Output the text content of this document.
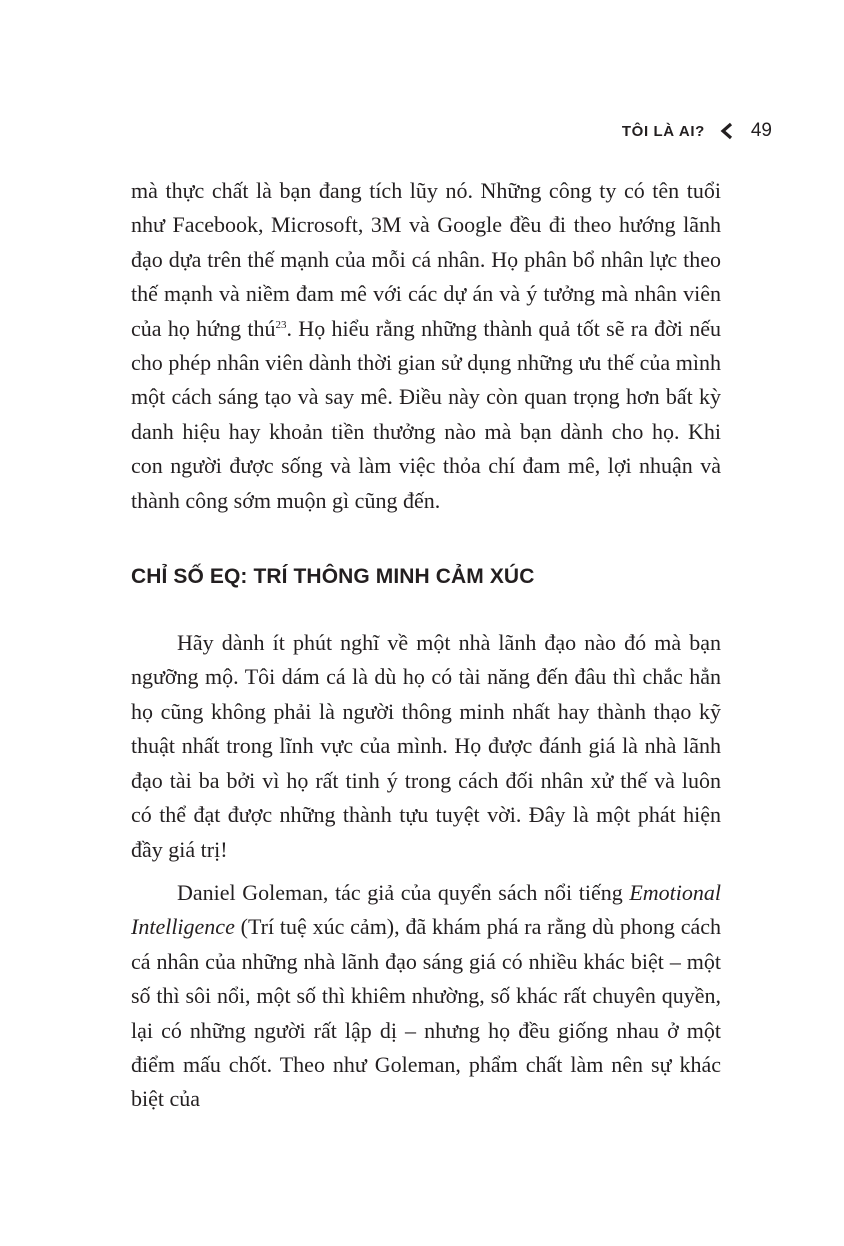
TÔI LÀ AI? 49

mà thực chất là bạn đang tích lũy nó. Những công ty có tên tuổi như Facebook, Microsoft, 3M và Google đều đi theo hướng lãnh đạo dựa trên thế mạnh của mỗi cá nhân. Họ phân bổ nhân lực theo thế mạnh và niềm đam mê với các dự án và ý tưởng mà nhân viên của họ hứng thú$^{23}$. Họ hiểu rằng những thành quả tốt sẽ ra đời nếu cho phép nhân viên dành thời gian sử dụng những ưu thế của mình một cách sáng tạo và say mê. Điều này còn quan trọng hơn bất kỳ danh hiệu hay khoản tiền thưởng nào mà bạn dành cho họ. Khi con người được sống và làm việc thỏa chí đam mê, lợi nhuận và thành công sớm muộn gì cũng đến.

CHỈ SỐ EQ: TRÍ THÔNG MINH CẢM XÚC

Hãy dành ít phút nghĩ về một nhà lãnh đạo nào đó mà bạn ngưỡng mộ. Tôi dám cá là dù họ có tài năng đến đâu thì chắc hẳn họ cũng không phải là người thông minh nhất hay thành thạo kỹ thuật nhất trong lĩnh vực của mình. Họ được đánh giá là nhà lãnh đạo tài ba bởi vì họ rất tinh ý trong cách đối nhân xử thế và luôn có thể đạt được những thành tựu tuyệt vời. Đây là một phát hiện đầy giá trị!

Daniel Goleman, tác giả của quyển sách nổi tiếng Emotional Intelligence (Trí tuệ xúc cảm), đã khám phá ra rằng dù phong cách cá nhân của những nhà lãnh đạo sáng giá có nhiều khác biệt – một số thì sôi nổi, một số thì khiêm nhường, số khác rất chuyên quyền, lại có những người rất lập dị – nhưng họ đều giống nhau ở một điểm mấu chốt. Theo như Goleman, phẩm chất làm nên sự khác biệt của
